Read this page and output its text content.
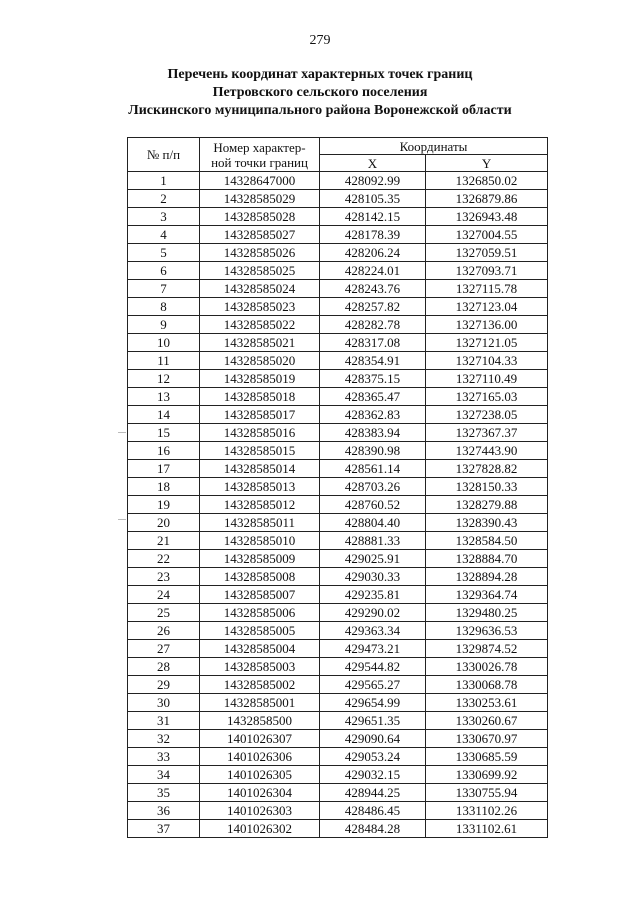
279
Перечень координат характерных точек границ
Петровского сельского поселения
Лискинского муниципального района Воронежской области
№ п/п	Номер характер-ной точки границ	Координаты	
		X	Y
1	14328647000	428092.99	1326850.02
2	14328585029	428105.35	1326879.86
3	14328585028	428142.15	1326943.48
4	14328585027	428178.39	1327004.55
5	14328585026	428206.24	1327059.51
6	14328585025	428224.01	1327093.71
7	14328585024	428243.76	1327115.78
8	14328585023	428257.82	1327123.04
9	14328585022	428282.78	1327136.00
10	14328585021	428317.08	1327121.05
11	14328585020	428354.91	1327104.33
12	14328585019	428375.15	1327110.49
13	14328585018	428365.47	1327165.03
14	14328585017	428362.83	1327238.05
15	14328585016	428383.94	1327367.37
16	14328585015	428390.98	1327443.90
17	14328585014	428561.14	1327828.82
18	14328585013	428703.26	1328150.33
19	14328585012	428760.52	1328279.88
20	14328585011	428804.40	1328390.43
21	14328585010	428881.33	1328584.50
22	14328585009	429025.91	1328884.70
23	14328585008	429030.33	1328894.28
24	14328585007	429235.81	1329364.74
25	14328585006	429290.02	1329480.25
26	14328585005	429363.34	1329636.53
27	14328585004	429473.21	1329874.52
28	14328585003	429544.82	1330026.78
29	14328585002	429565.27	1330068.78
30	14328585001	429654.99	1330253.61
31	1432858500	429651.35	1330260.67
32	1401026307	429090.64	1330670.97
33	1401026306	429053.24	1330685.59
34	1401026305	429032.15	1330699.92
35	1401026304	428944.25	1330755.94
36	1401026303	428486.45	1331102.26
37	1401026302	428484.28	1331102.61
